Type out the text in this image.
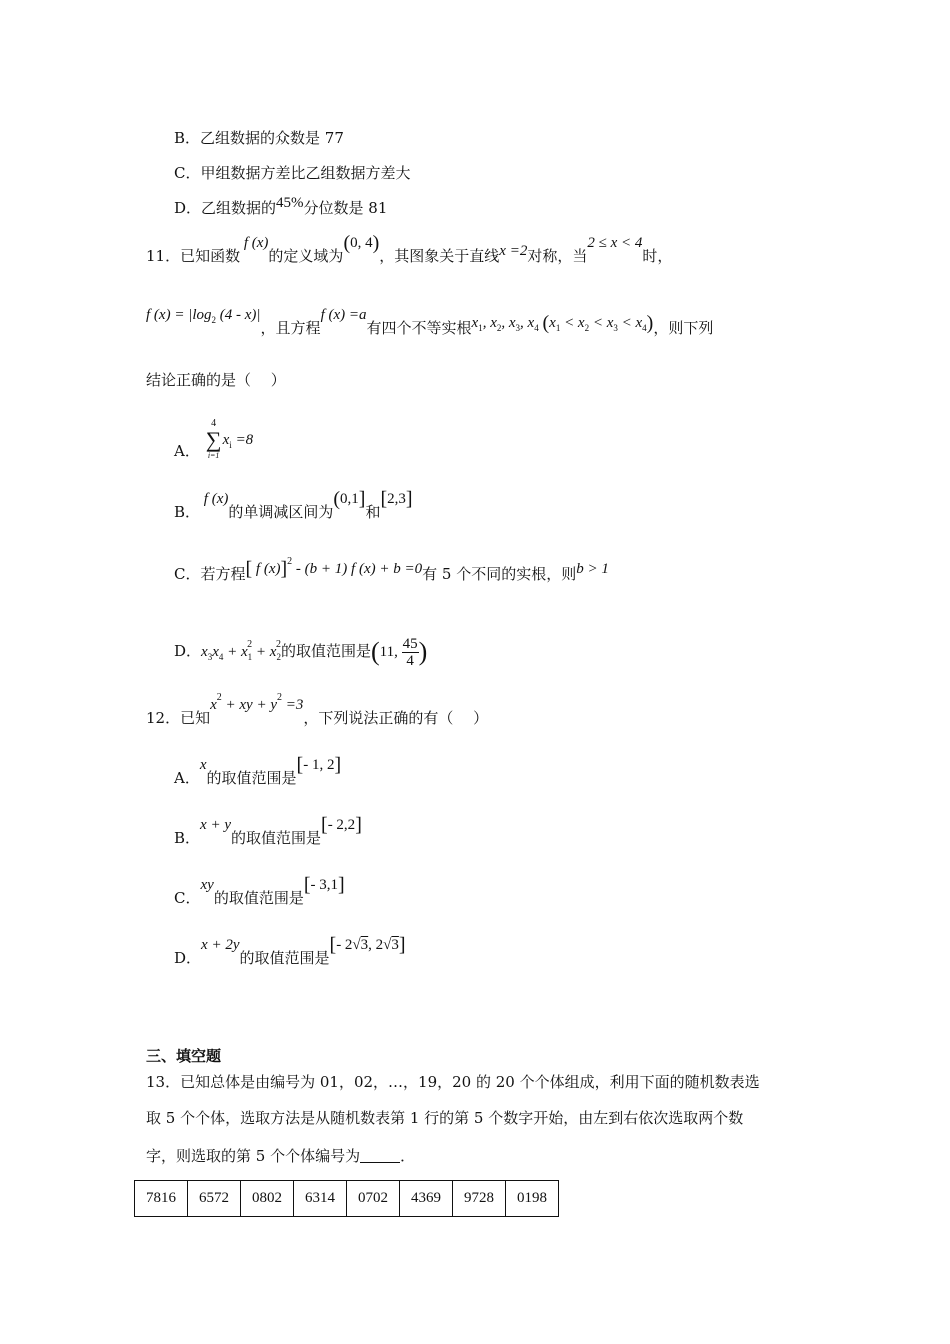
B．乙组数据的众数是 77
C．甲组数据方差比乙组数据方差大
D．乙组数据的45%分位数是 81
11．已知函数 f (x)的定义域为(0, 4)，其图象关于直线x =2对称，当2 ≤ x < 4时，
f $(x) = |\log_2$ (4 - x)|，且方程f (x) =a有四个不等实根$x_1$, $x_2$, $x_3$, $x_4$ $(x_1 < x_2 < x_3 < x_4)$，则下列
结论正确的是（　 ）
A．
4
∑
i=1
$x_i =8$
B． f (x)的单调减区间为(0,1]和[2,3]
C．若方程[ f (x)]$^2$ - (b + 1) f (x) + b =0有 5 个不同的实根，则b > 1
D．$x_3x_4 + x_1^2 + x_2^2$的取值范围是(11, $\frac{45}{4}$ )
12．已知$x^2$ + xy + $y^2 =3$，下列说法正确的有（　 ）
A．x的取值范围是[- 1, 2]
B．x + y的取值范围是[- 2,2]
C．xy的取值范围是[- 3,1]
D．x + 2y的取值范围是[- 2√3, 2√3]
三、填空题
13．已知总体是由编号为 01，02，…，19，20 的 20 个个体组成，利用下面的随机数表选
取 5 个个体，选取方法是从随机数表第 1 行的第 5 个数字开始，由左到右依次选取两个数
字，则选取的第 5 个个体编号为	．
7816	6572	0802	6314	0702	4369	9728	0198
